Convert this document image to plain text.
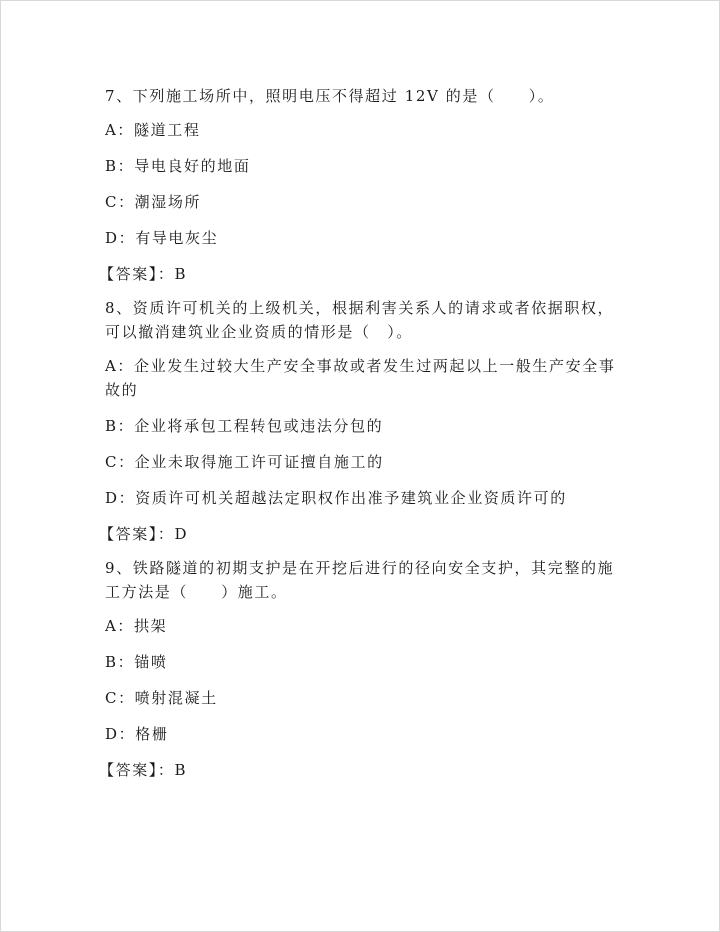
7、下列施工场所中，照明电压不得超过 12V 的是（　　）。
A：隧道工程
B：导电良好的地面
C：潮湿场所
D：有导电灰尘
【答案】：B
8、资质许可机关的上级机关，根据利害关系人的请求或者依据职权，
可以撤消建筑业企业资质的情形是（　）。
A：企业发生过较大生产安全事故或者发生过两起以上一般生产安全事
故的
B：企业将承包工程转包或违法分包的
C：企业未取得施工许可证擅自施工的
D：资质许可机关超越法定职权作出准予建筑业企业资质许可的
【答案】：D
9、铁路隧道的初期支护是在开挖后进行的径向安全支护，其完整的施
工方法是（　　）施工。
A：拱架
B：锚喷
C：喷射混凝土
D：格栅
【答案】：B
